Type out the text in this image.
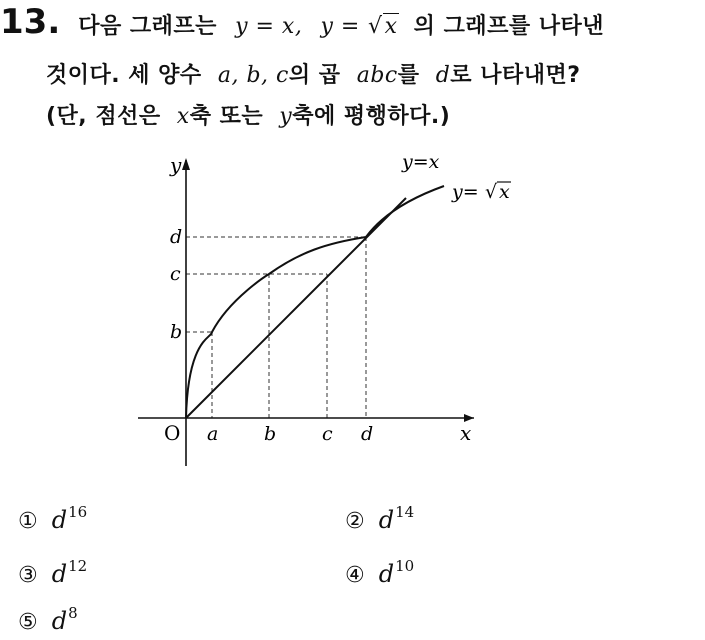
13. 다음 그래프는 y = x, y = √x 의 그래프를 나타낸
것이다. 세 양수 a, b, c의 곱 abc를 d로 나타내면?
(단, 점선은 x축 또는 y축에 평행하다.)
y
x
O a b c d
b
c
d
y=x
y= √ x
① $d^{16}$	② $d^{14}$
③ $d^{12}$	④ $d^{10}$
⑤ $d^8$
